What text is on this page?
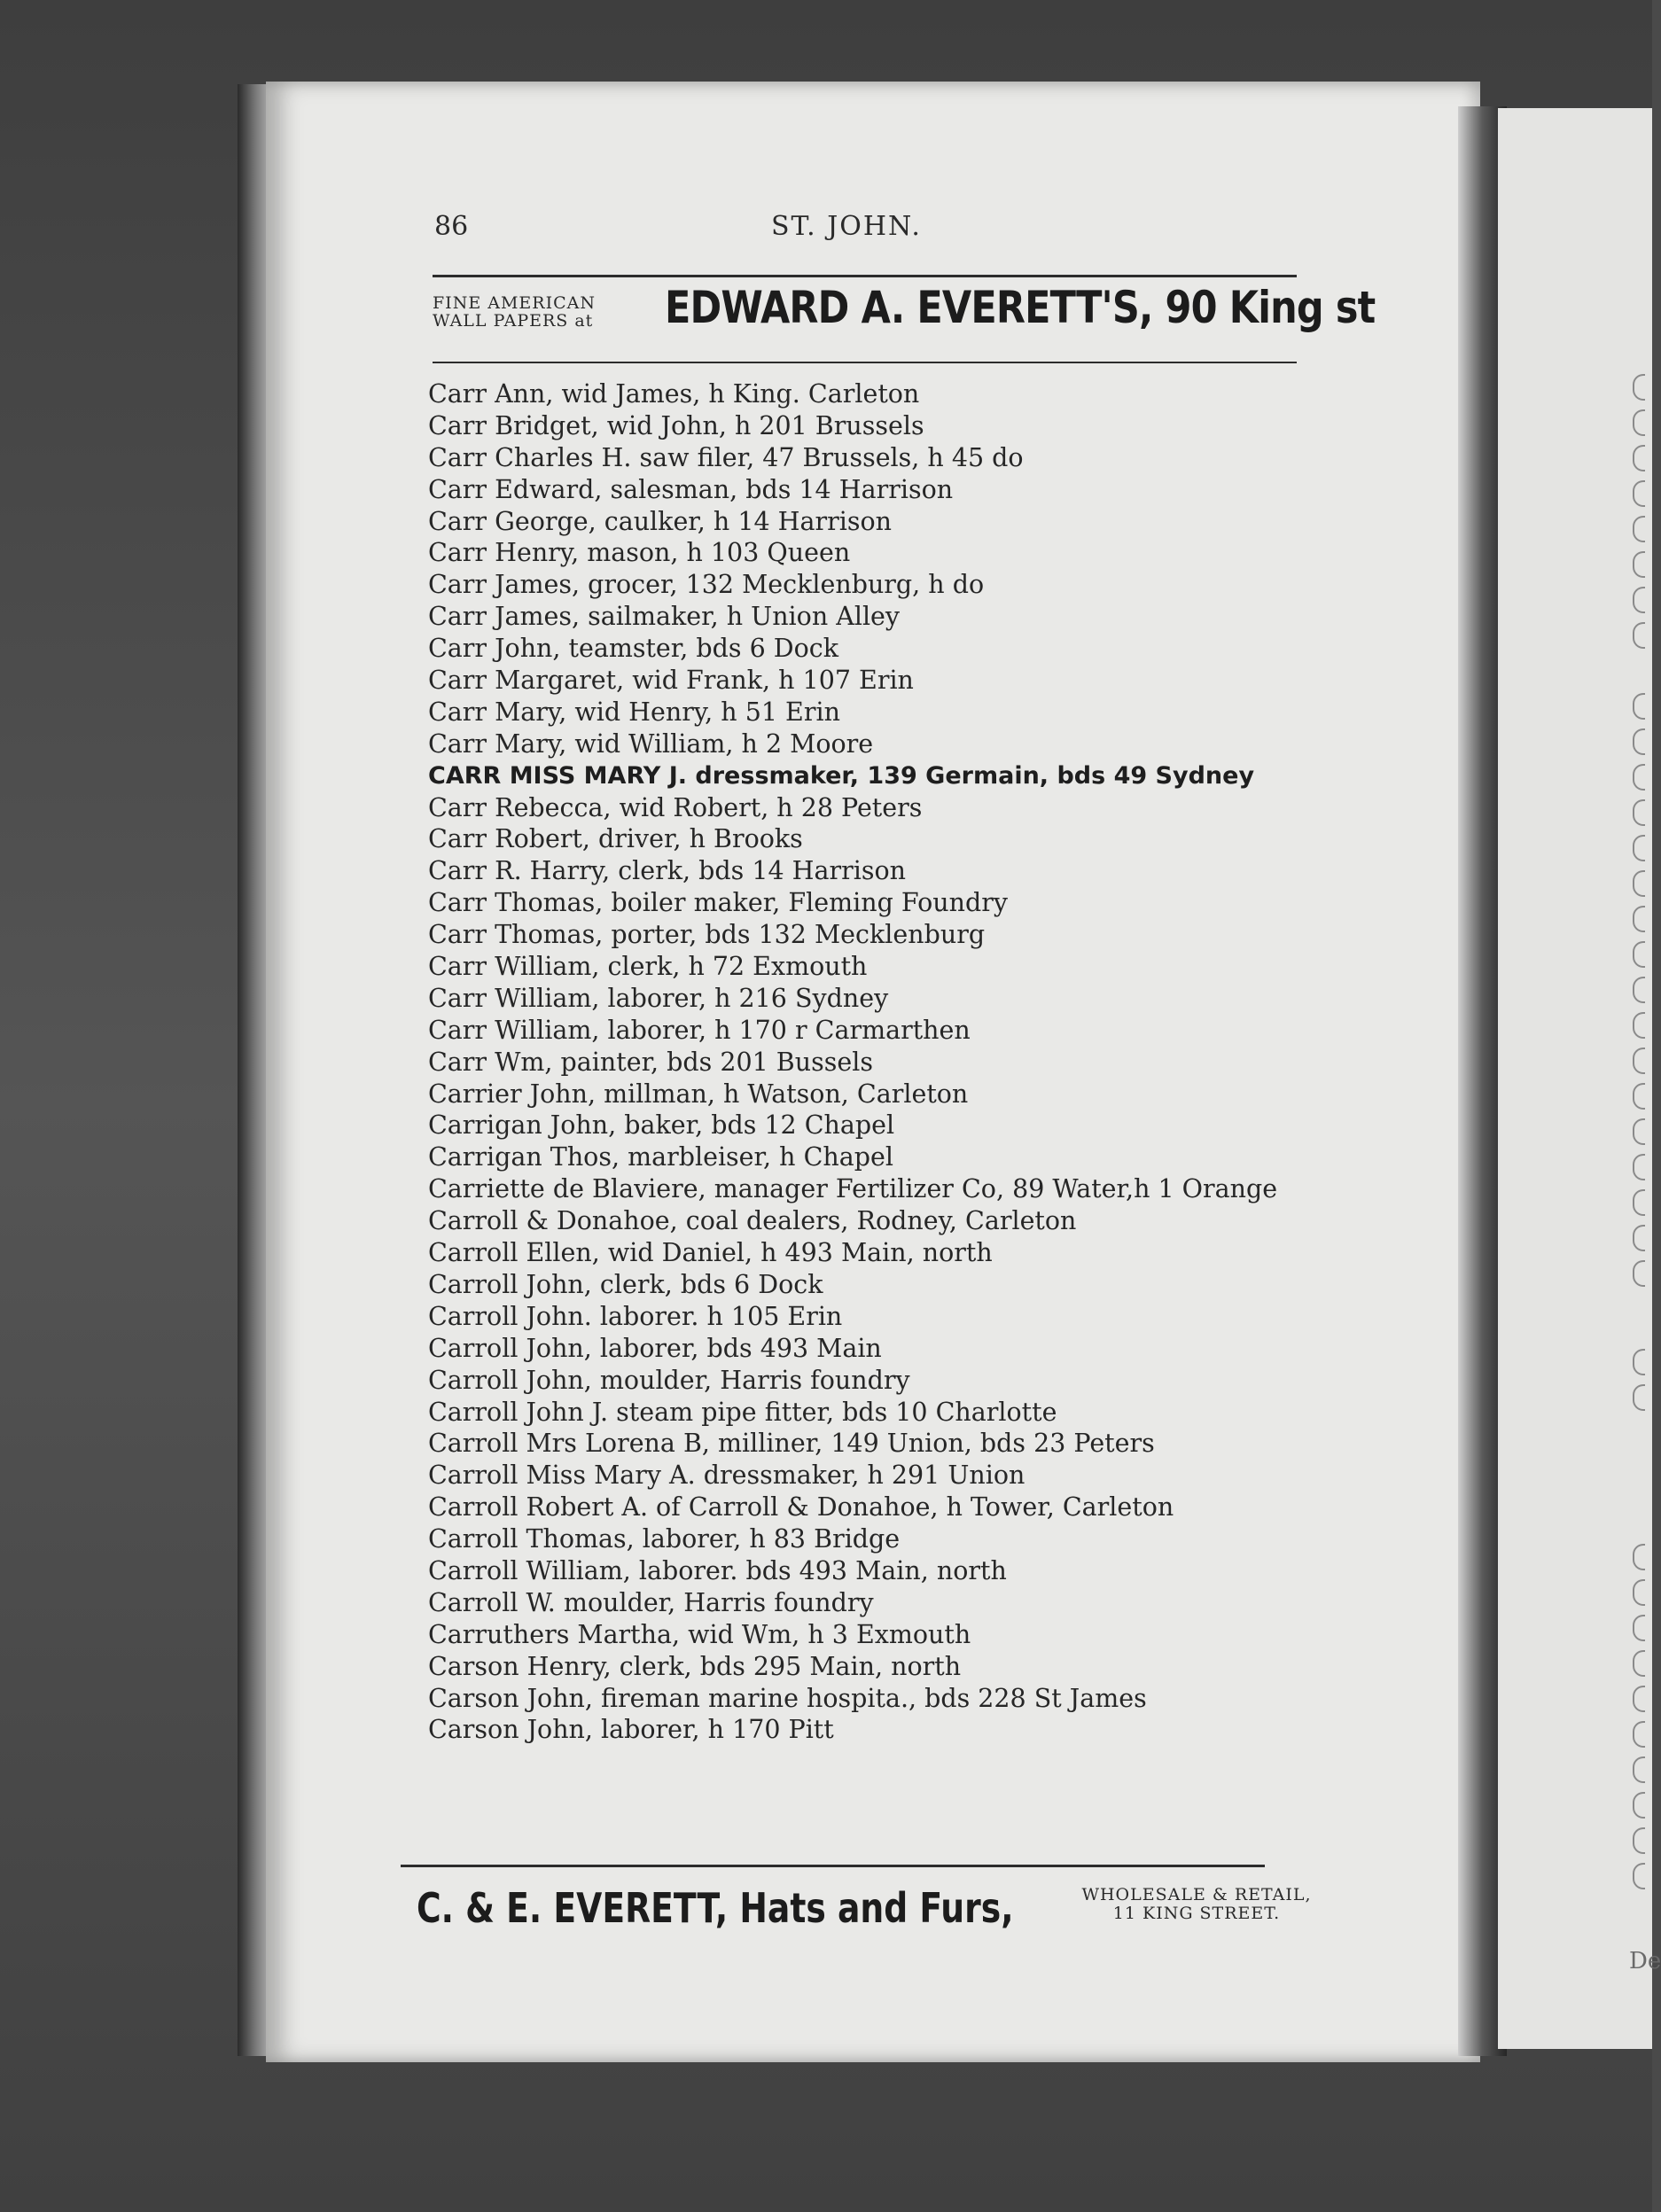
86	ST. JOHN.
FINE AMERICAN
WALL PAPERS at	EDWARD A. EVERETT'S, 90 King st
Carr Ann, wid James, h King. Carleton
Carr Bridget, wid John, h 201 Brussels
Carr Charles H. saw filer, 47 Brussels, h 45 do
Carr Edward, salesman, bds 14 Harrison
Carr George, caulker, h 14 Harrison
Carr Henry, mason, h 103 Queen
Carr James, grocer, 132 Mecklenburg, h do
Carr James, sailmaker, h Union Alley
Carr John, teamster, bds 6 Dock
Carr Margaret, wid Frank, h 107 Erin
Carr Mary, wid Henry, h 51 Erin
Carr Mary, wid William, h 2 Moore
CARR MISS MARY J. dressmaker, 139 Germain, bds 49 Sydney
Carr Rebecca, wid Robert, h 28 Peters
Carr Robert, driver, h Brooks
Carr R. Harry, clerk, bds 14 Harrison
Carr Thomas, boiler maker, Fleming Foundry
Carr Thomas, porter, bds 132 Mecklenburg
Carr William, clerk, h 72 Exmouth
Carr William, laborer, h 216 Sydney
Carr William, laborer, h 170 r Carmarthen
Carr Wm, painter, bds 201 Bussels
Carrier John, millman, h Watson, Carleton
Carrigan John, baker, bds 12 Chapel
Carrigan Thos, marbleiser, h Chapel
Carriette de Blaviere, manager Fertilizer Co, 89 Water,h 1 Orange
Carroll & Donahoe, coal dealers, Rodney, Carleton
Carroll Ellen, wid Daniel, h 493 Main, north
Carroll John, clerk, bds 6 Dock
Carroll John. laborer. h 105 Erin
Carroll John, laborer, bds 493 Main
Carroll John, moulder, Harris foundry
Carroll John J. steam pipe fitter, bds 10 Charlotte
Carroll Mrs Lorena B, milliner, 149 Union, bds 23 Peters
Carroll Miss Mary A. dressmaker, h 291 Union
Carroll Robert A. of Carroll & Donahoe, h Tower, Carleton
Carroll Thomas, laborer, h 83 Bridge
Carroll William, laborer. bds 493 Main, north
Carroll W. moulder, Harris foundry
Carruthers Martha, wid Wm, h 3 Exmouth
Carson Henry, clerk, bds 295 Main, north
Carson John, fireman marine hospita., bds 228 St James
Carson John, laborer, h 170 Pitt
C. & E. EVERETT, Hats and Furs,	WHOLESALE & RETAIL,
11 KING STREET.
De
